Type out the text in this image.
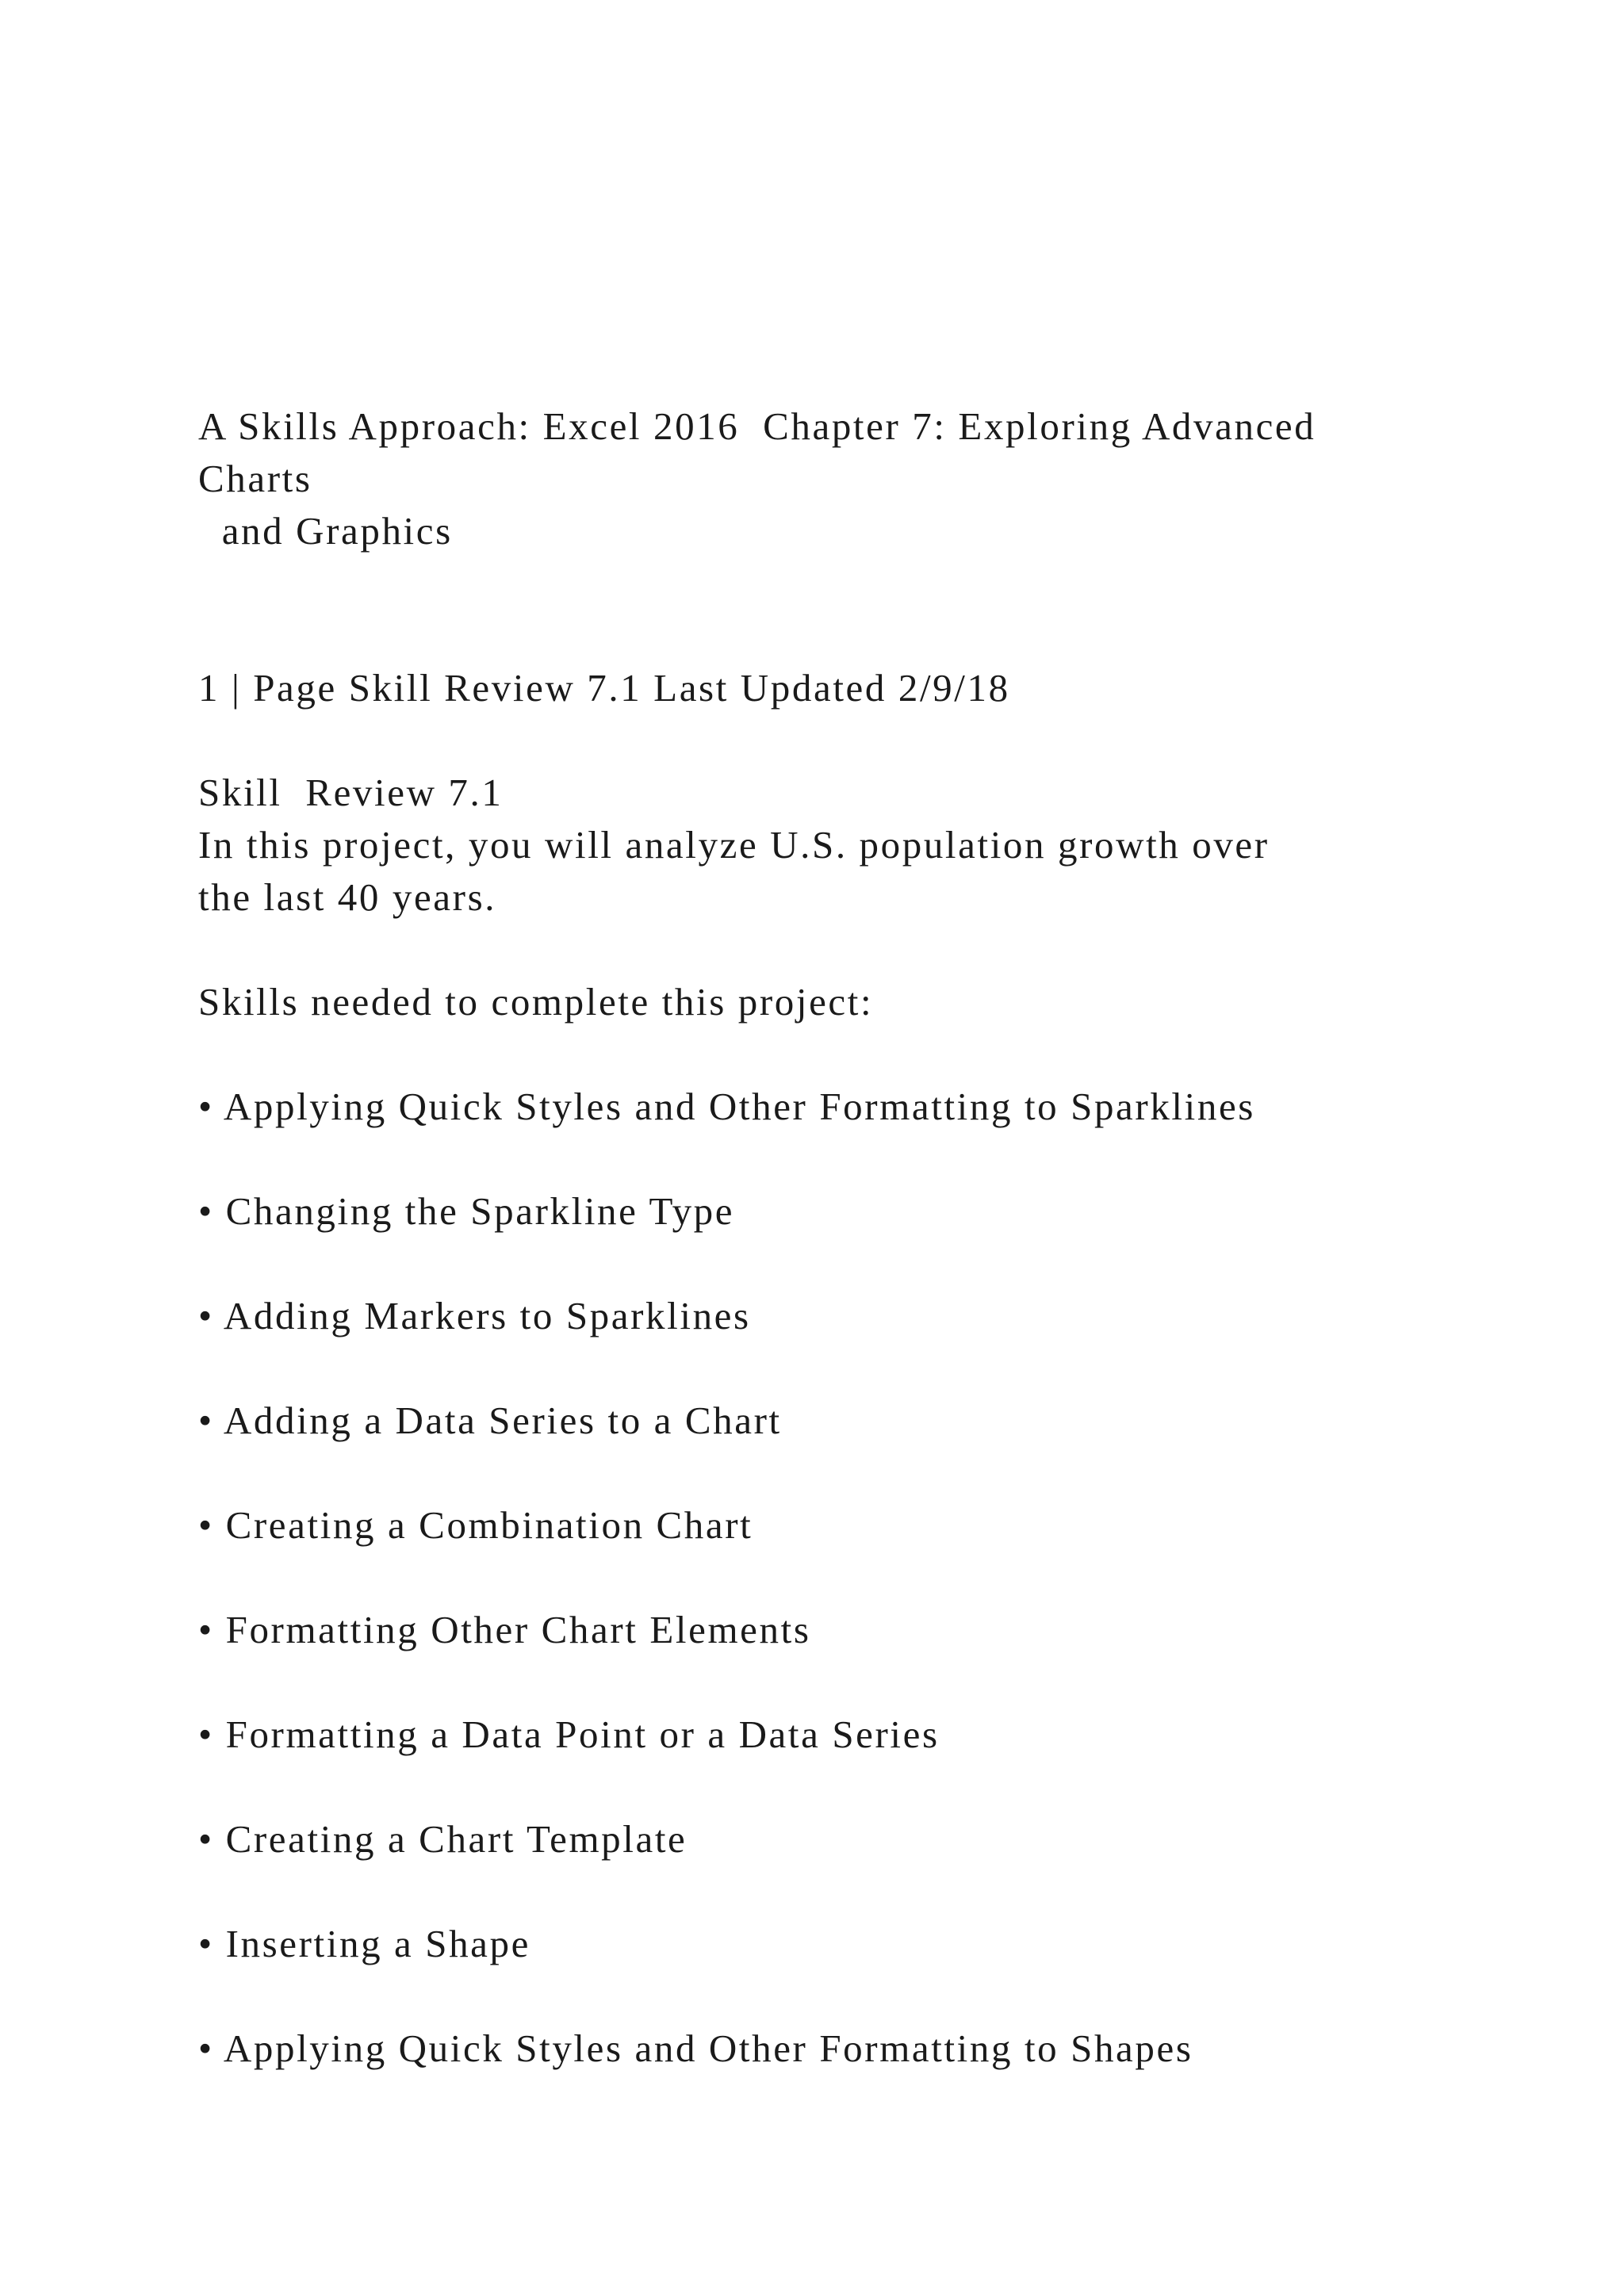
A Skills Approach: Excel 2016  Chapter 7: Exploring Advanced
Charts
and Graphics
1 | Page Skill Review 7.1 Last Updated 2/9/18
Skill  Review 7.1
In this project, you will analyze U.S. population growth over
the last 40 years.
Skills needed to complete this project:
• Applying Quick Styles and Other Formatting to Sparklines
• Changing the Sparkline Type
• Adding Markers to Sparklines
• Adding a Data Series to a Chart
• Creating a Combination Chart
• Formatting Other Chart Elements
• Formatting a Data Point or a Data Series
• Creating a Chart Template
• Inserting a Shape
• Applying Quick Styles and Other Formatting to Shapes
